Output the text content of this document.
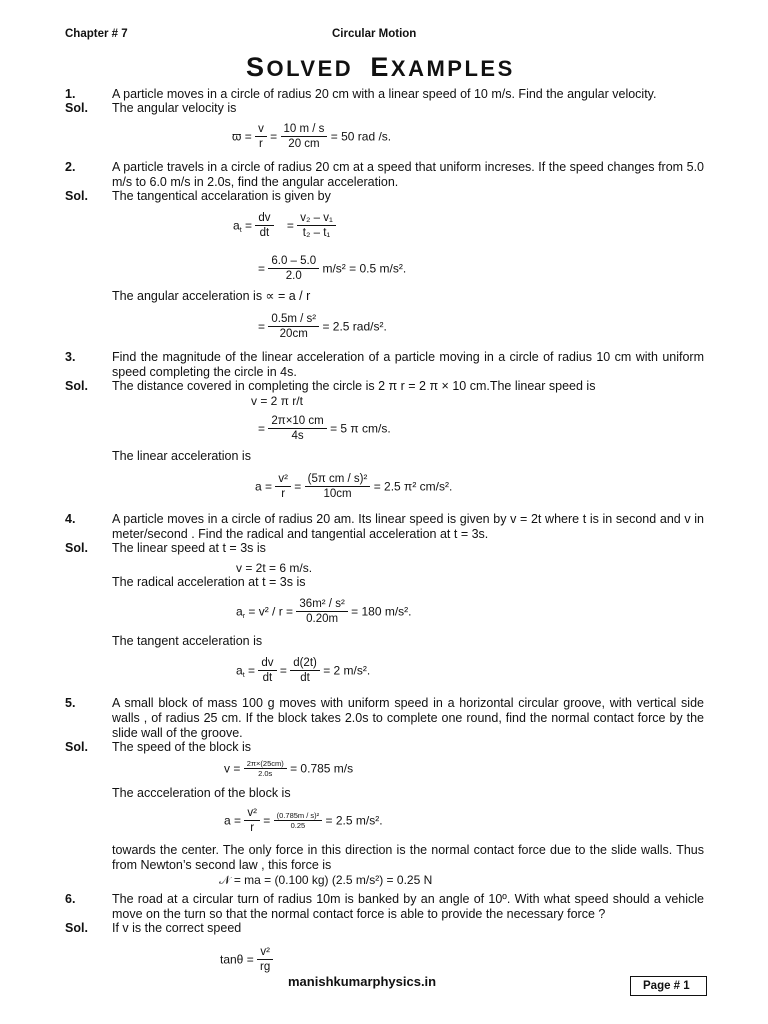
Chapter # 7	Circular Motion
SOLVED EXAMPLES
1.	A particle moves in a circle of radius 20 cm with a linear speed of 10 m/s. Find the angular velocity.
Sol. The angular velocity is
$ϖ = \frac{v}{r} = \frac{10 m / s}{20 cm} = 50$ rad /s.
2.	A particle travels in a circle of radius 20 cm at a speed that uniform increses. If the speed changes from 5.0 m/s to 6.0 m/s in 2.0s, find the angular acceleration.
Sol. The tangentical accelaration is given by
$a_t = \frac{dv}{dt} = \frac{\text{v₂ – v₁}}{\text{t₂ – t₁}}$
= $\frac{6.0 - 5.0}{2.0} m/s^2 = 0.5$ m/s².
The angular acceleration is ∝ = a / r
= $\frac{\text{0.5m / s²}}{20cm} = 2.5$ rad/s².
3.	Find the magnitude of the linear acceleration of a particle moving in a circle of radius 10 cm with uniform speed completing the circle in 4s.
Sol. The distance covered in completing the circle is 2 π r = 2 π × 10 cm.The linear speed is
v = 2 π r/t
= $\frac{2\pi\times 10 cm}{4s} = 5$ π cm/s.
The linear acceleration is
$a = \frac{\text{v²}}{r} = \frac{\text{(5π cm / s)²}}{10cm} = 2.5$ π² cm/s².
4.	A particle moves in a circle of radius 20 am. Its linear speed is given by v = 2t where t is in second and v in meter/second . Find the radical and tangential acceleration at t = 3s.
Sol. The linear speed at t = 3s is
v = 2t = 6 m/s.
The radical acceleration at t = 3s is
$a_r = v^2 / r = \frac{\text{36m² / s²}}{0.20m} = 180$ m/s².
The tangent acceleration is
$a_t = \frac{dv}{dt} = \frac{d(2t)}{dt} = 2$ m/s².
5.	A small block of mass 100 g moves with uniform speed in a horizontal circular groove, with vertical side walls , of radius 25 cm. If the block takes 2.0s to complete one round, find the normal contact force by the slide wall of the groove.
Sol. The speed of the block is
$v = \frac{2\pi\times(25cm)}{2.0s} = 0.785$ m/s
The accceleration of the block is
$a = \frac{\text{v²}}{r} = \frac{\text{(0.785m / s)²}}{0.25} = 2.5$ m/s².
towards the center. The only force in this direction is the normal contact force due to the slide walls. Thus from Newton’s second law , this force is
𝒩 = ma = (0.100 kg) (2.5 m/s²) = 0.25 N
6.	The road at a circular turn of radius 10m is banked by an angle of 10º. With what speed should a vehicle move on the turn so that the normal contact force is able to provide the necessary force ?
Sol. If v is the correct speed
$\tan\theta = \frac{\text{v²}}{rg}$
manishkumarphysics.in	Page # 1
